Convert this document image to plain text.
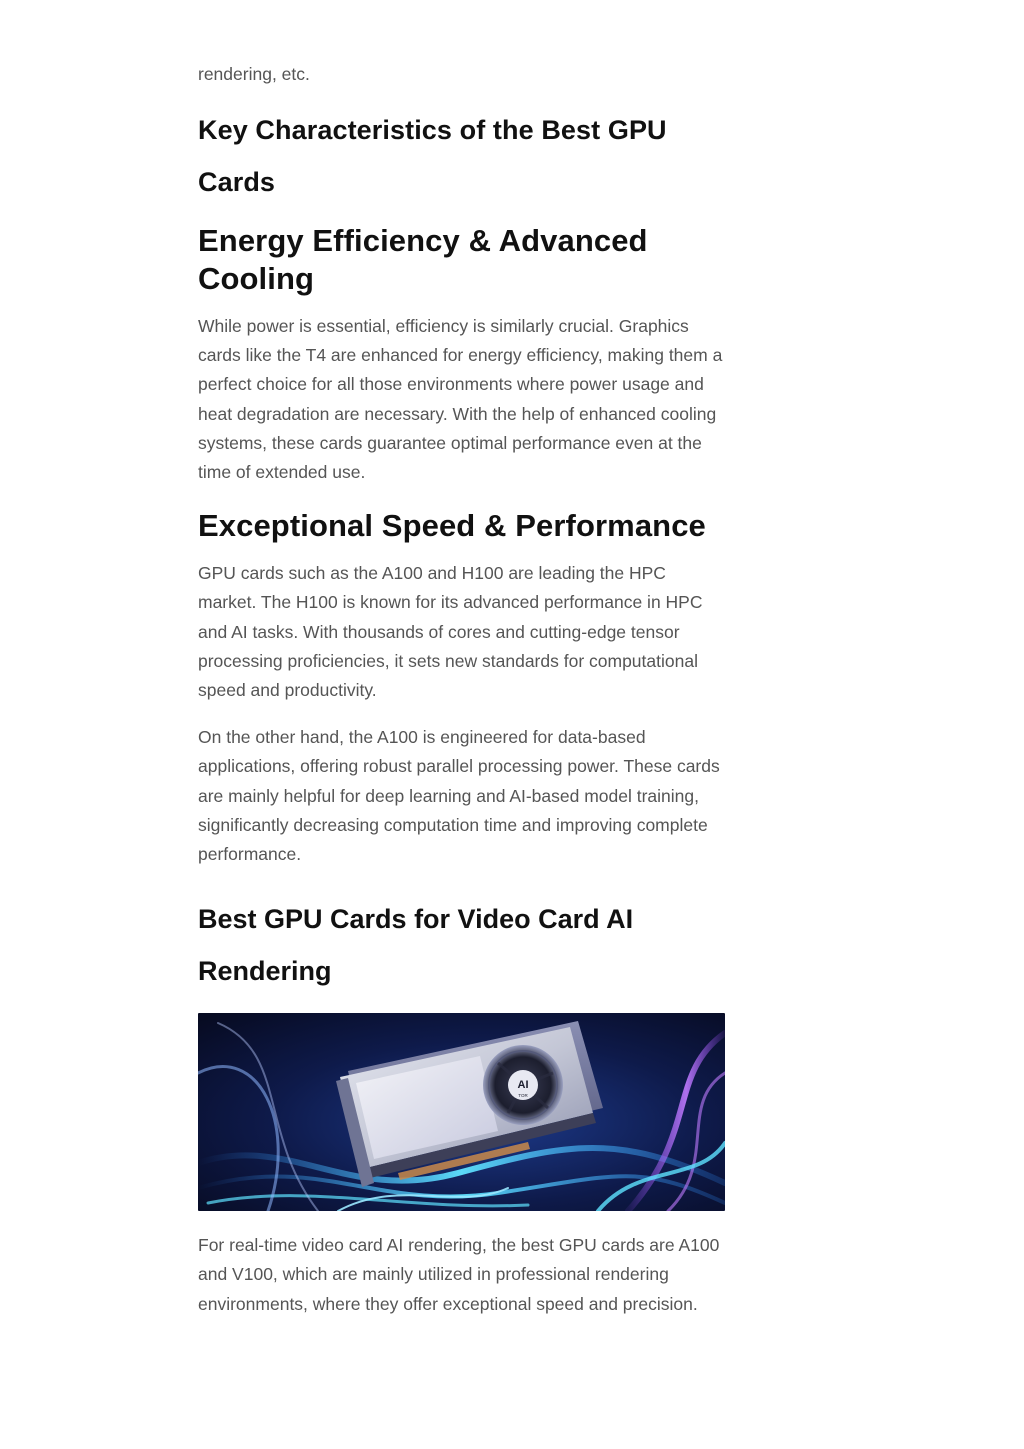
rendering, etc.

Key Characteristics of the Best GPU
Cards
Energy Efficiency & Advanced
Cooling

While power is essential, efficiency is similarly crucial. Graphics cards like the T4 are enhanced for energy efficiency, making them a perfect choice for all those environments where power usage and heat degradation are necessary. With the help of enhanced cooling systems, these cards guarantee optimal performance even at the time of extended use.

Exceptional Speed & Performance

GPU cards such as the A100 and H100 are leading the HPC market. The H100 is known for its advanced performance in HPC and AI tasks. With thousands of cores and cutting-edge tensor processing proficiencies, it sets new standards for computational speed and productivity.

On the other hand, the A100 is engineered for data-based applications, offering robust parallel processing power. These cards are mainly helpful for deep learning and AI-based model training, significantly decreasing computation time and improving complete performance.

Best GPU Cards for Video Card AI
Rendering
AI
TOR

For real-time video card AI rendering, the best GPU cards are A100 and V100, which are mainly utilized in professional rendering environments, where they offer exceptional speed and precision.
